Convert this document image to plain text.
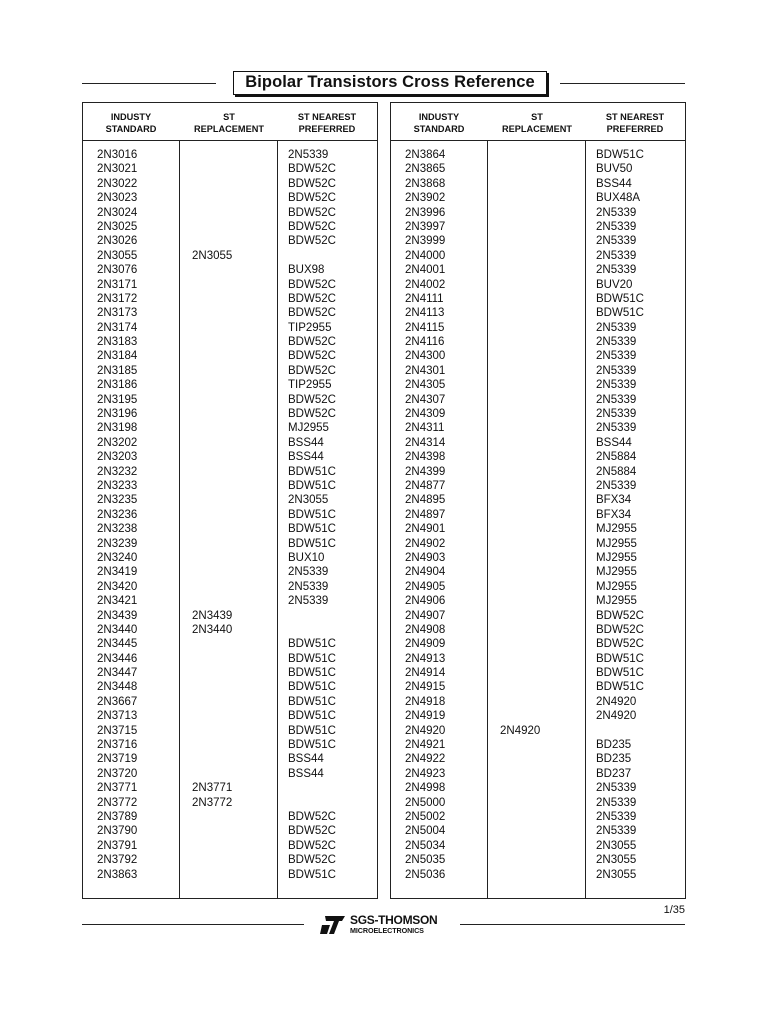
Bipolar Transistors Cross Reference
INDUSTY
STANDARD
ST
REPLACEMENT
ST NEAREST
PREFERRED
2N3016
2N3021
2N3022
2N3023
2N3024
2N3025
2N3026
2N3055
2N3076
2N3171
2N3172
2N3173
2N3174
2N3183
2N3184
2N3185
2N3186
2N3195
2N3196
2N3198
2N3202
2N3203
2N3232
2N3233
2N3235
2N3236
2N3238
2N3239
2N3240
2N3419
2N3420
2N3421
2N3439
2N3440
2N3445
2N3446
2N3447
2N3448
2N3667
2N3713
2N3715
2N3716
2N3719
2N3720
2N3771
2N3772
2N3789
2N3790
2N3791
2N3792
2N3863
2N3055
2N3439
2N3440
2N3771
2N3772
2N5339
BDW52C
BDW52C
BDW52C
BDW52C
BDW52C
BDW52C
BUX98
BDW52C
BDW52C
BDW52C
TIP2955
BDW52C
BDW52C
BDW52C
TIP2955
BDW52C
BDW52C
MJ2955
BSS44
BSS44
BDW51C
BDW51C
2N3055
BDW51C
BDW51C
BDW51C
BUX10
2N5339
2N5339
2N5339
BDW51C
BDW51C
BDW51C
BDW51C
BDW51C
BDW51C
BDW51C
BDW51C
BSS44
BSS44
BDW52C
BDW52C
BDW52C
BDW52C
BDW51C
INDUSTY
STANDARD
ST
REPLACEMENT
ST NEAREST
PREFERRED
2N3864
2N3865
2N3868
2N3902
2N3996
2N3997
2N3999
2N4000
2N4001
2N4002
2N4111
2N4113
2N4115
2N4116
2N4300
2N4301
2N4305
2N4307
2N4309
2N4311
2N4314
2N4398
2N4399
2N4877
2N4895
2N4897
2N4901
2N4902
2N4903
2N4904
2N4905
2N4906
2N4907
2N4908
2N4909
2N4913
2N4914
2N4915
2N4918
2N4919
2N4920
2N4921
2N4922
2N4923
2N4998
2N5000
2N5002
2N5004
2N5034
2N5035
2N5036
2N4920
BDW51C
BUV50
BSS44
BUX48A
2N5339
2N5339
2N5339
2N5339
2N5339
BUV20
BDW51C
BDW51C
2N5339
2N5339
2N5339
2N5339
2N5339
2N5339
2N5339
2N5339
BSS44
2N5884
2N5884
2N5339
BFX34
BFX34
MJ2955
MJ2955
MJ2955
MJ2955
MJ2955
MJ2955
BDW52C
BDW52C
BDW52C
BDW51C
BDW51C
BDW51C
2N4920
2N4920
BD235
BD235
BD237
2N5339
2N5339
2N5339
2N5339
2N3055
2N3055
2N3055
1/35
SGS-THOMSON
MICROELECTRONICS
